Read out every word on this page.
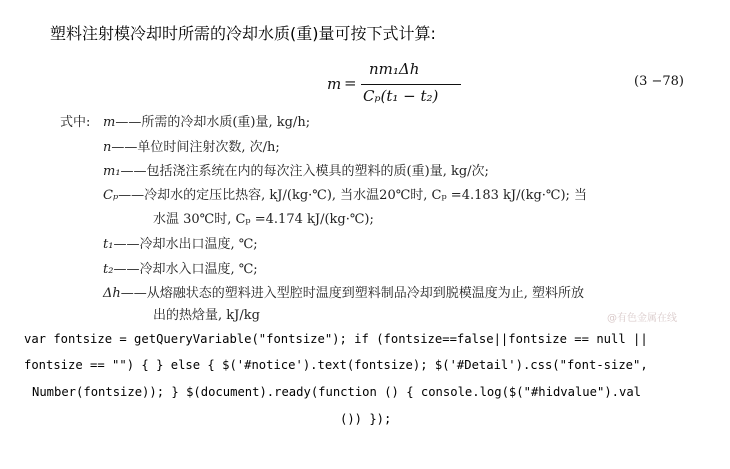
塑料注射模冷却时所需的冷却水质(重)量可按下式计算:
m =
nm₁Δh
Cₚ(t₁ − t₂)
(3 −78)
式中: m——所需的冷却水质(重)量, kg/h;
n——单位时间注射次数, 次/h;
m₁——包括浇注系统在内的每次注入模具的塑料的质(重)量, kg/次;
Cₚ——冷却水的定压比热容, kJ/(kg·℃), 当水温20℃时, Cₚ =4.183 kJ/(kg·℃); 当
水温 30℃时, Cₚ =4.174 kJ/(kg·℃);
t₁——冷却水出口温度, ℃;
t₂——冷却水入口温度, ℃;
Δh——从熔融状态的塑料进入型腔时温度到塑料制品冷却到脱模温度为止, 塑料所放
出的热焓量, kJ/kg	@有色金属在线
var fontsize = getQueryVariable("fontsize"); if (fontsize==false||fontsize == null ||
fontsize == "") { } else { $('#notice').text(fontsize); $('#Detail').css("font-size",
Number(fontsize)); } $(document).ready(function () { console.log($("#hidvalue").val
()) });
